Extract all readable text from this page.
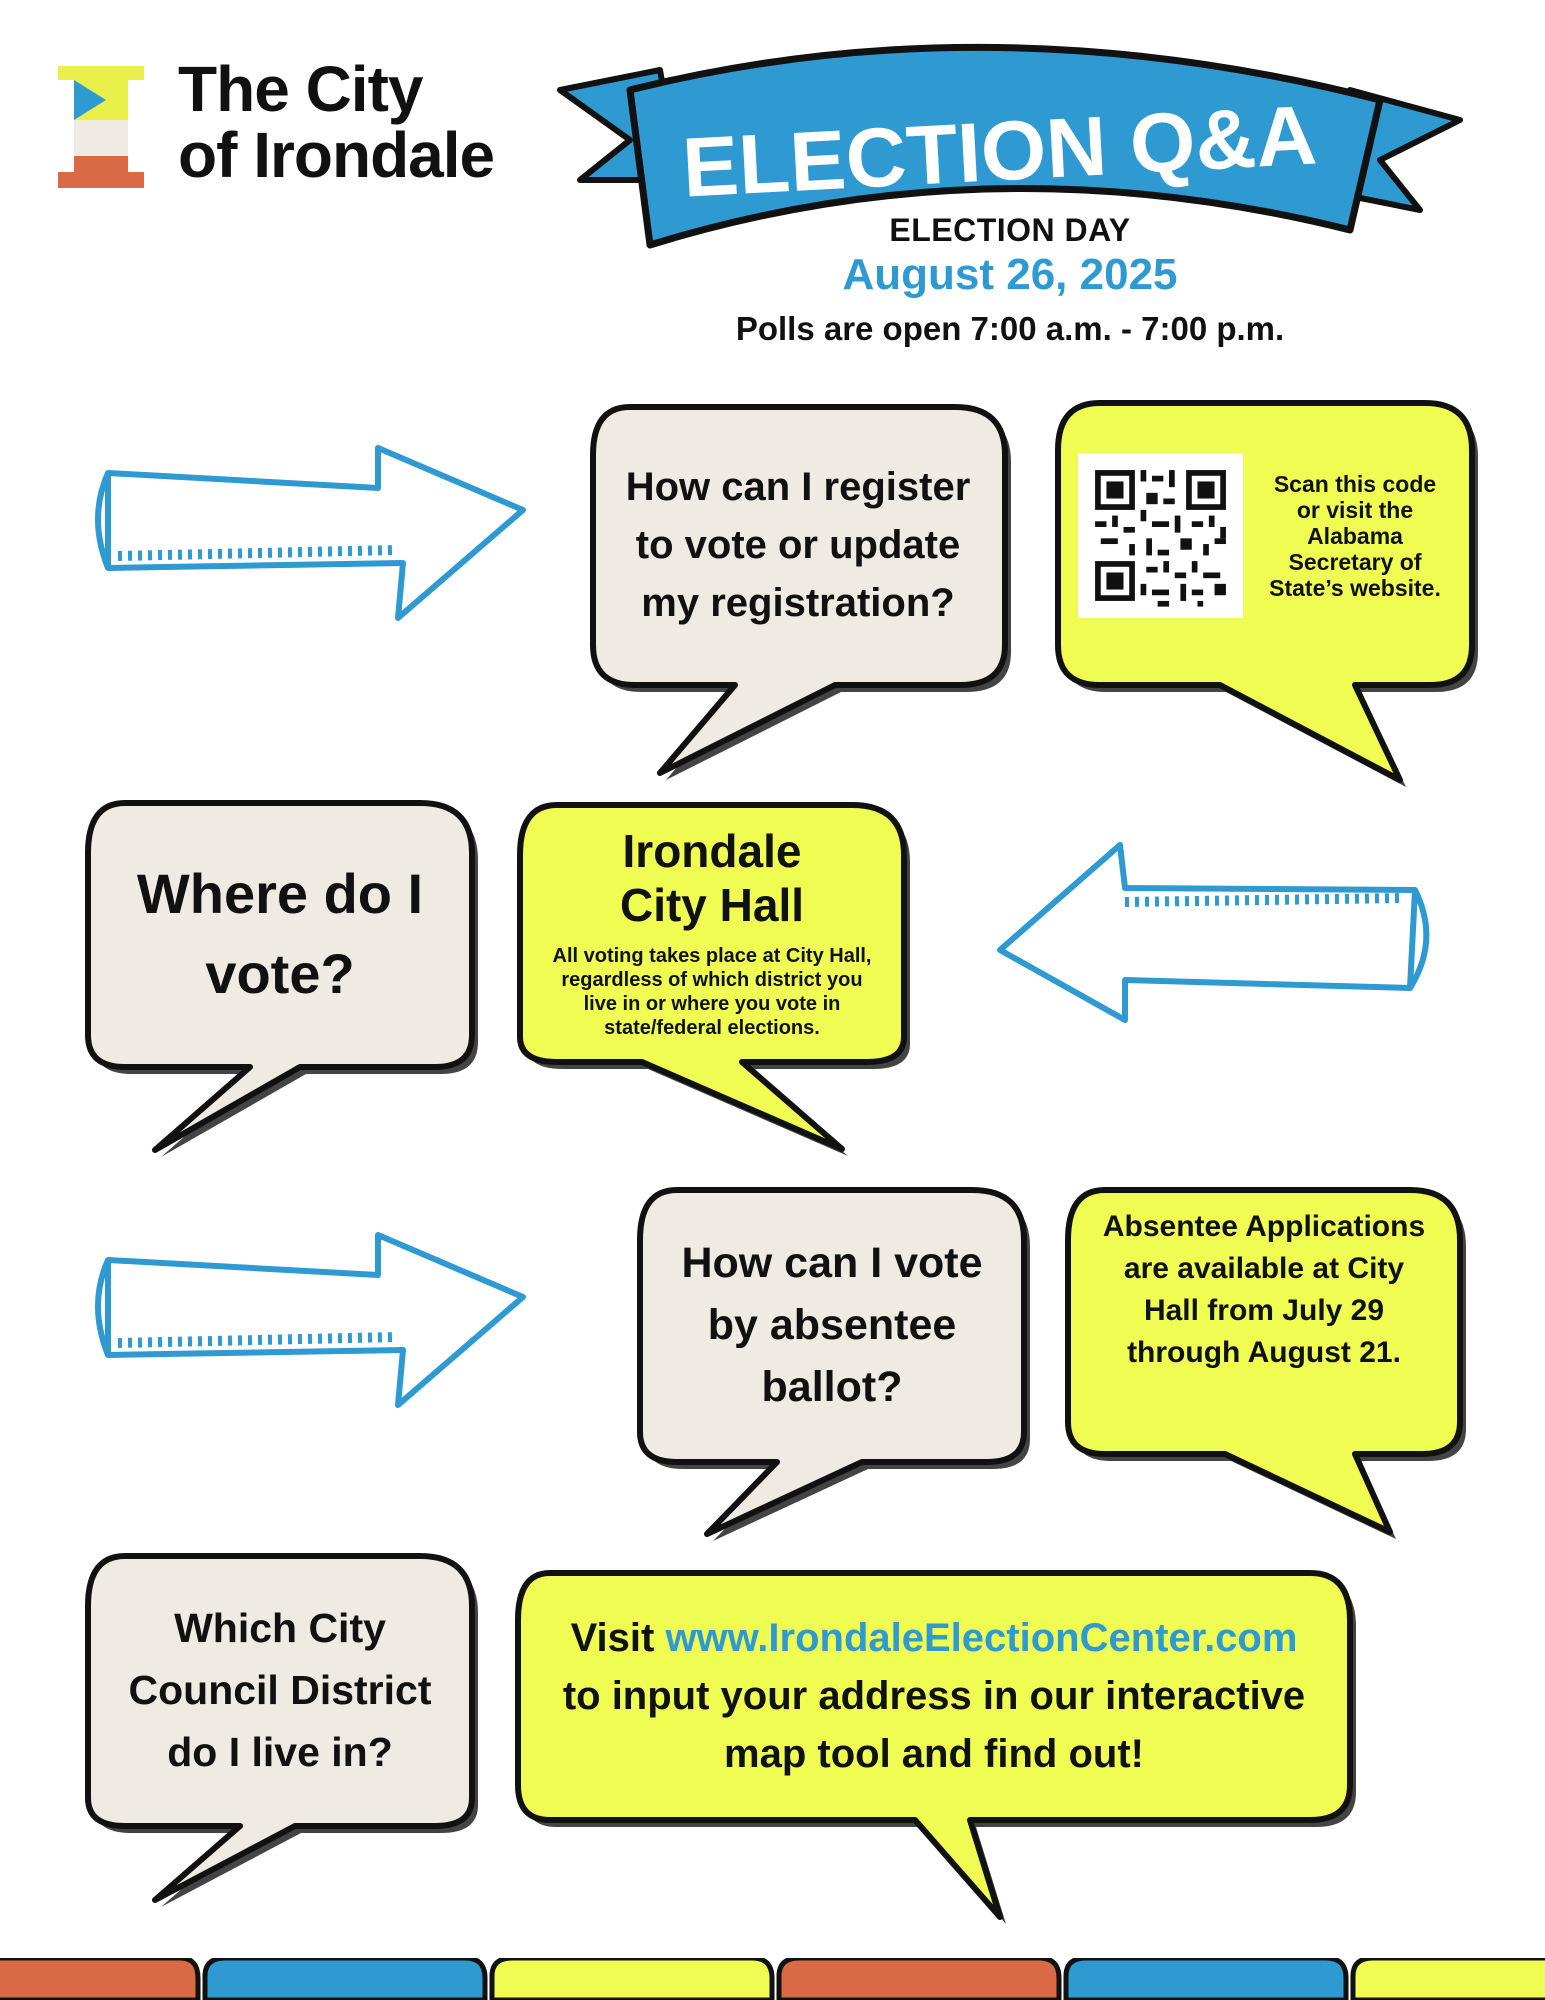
The City
of Irondale ELECTION Q&A
ELECTION DAY
August 26, 2025
Polls are open 7:00 a.m. - 7:00 p.m.
How can I register
to vote or update
my registration?
Scan this code
or visit the
Alabama
Secretary of
State’s website.
Where do I
vote?
Irondale
City Hall
All voting takes place at City Hall,
regardless of which district you
live in or where you vote in
state/federal elections.
How can I vote
by absentee
ballot?
Absentee Applications
are available at City
Hall from July 29
through August 21.
Which City
Council District
do I live in?
Visit www.IrondaleElectionCenter.com
to input your address in our interactive
map tool and find out!
